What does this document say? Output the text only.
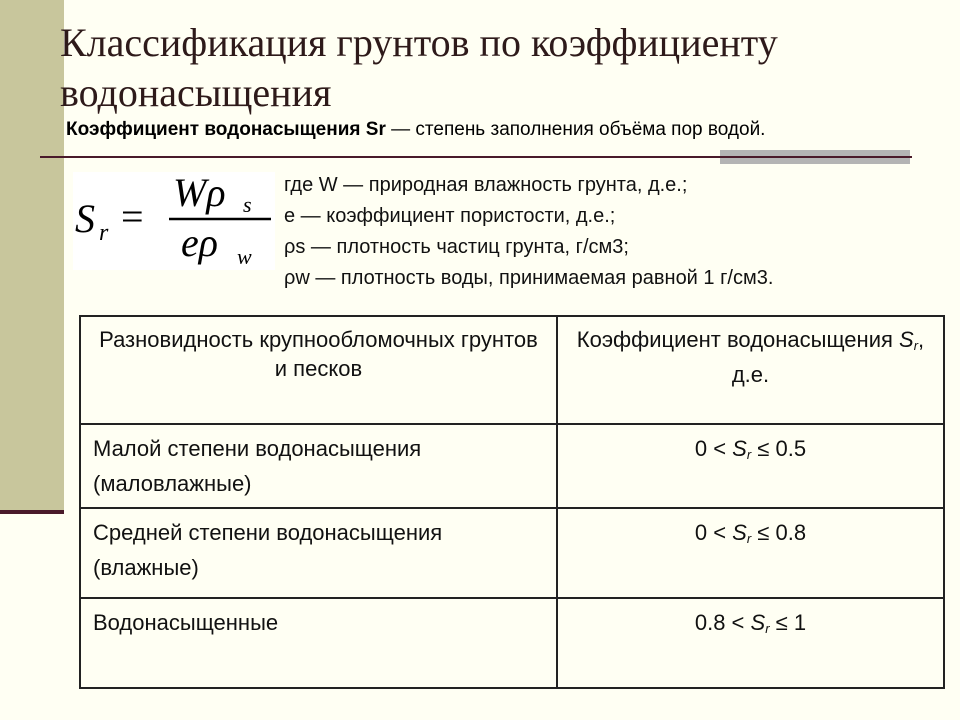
Классификация грунтов по коэффициенту водонасыщения
Коэффициент водонасыщения Sr — степень заполнения объёма пор водой.
S r =
Wρ s
eρ w
где W — природная влажность грунта, д.е.;
е — коэффициент пористости, д.е.;
ρs — плотность частиц грунта, г/см3;
ρw — плотность воды, принимаемая равной 1 г/см3.
Разновидность крупнообломочных грунтов и песков	Коэффициент водонасыщения $S_r$, д.е.
Малой степени водонасыщения (маловлажные)	$0 < S_r \le 0.5$
Средней степени водонасыщения (влажные)	$0 < S_r \le 0.8$
Водонасыщенные	$0.8 < S_r \le 1$
